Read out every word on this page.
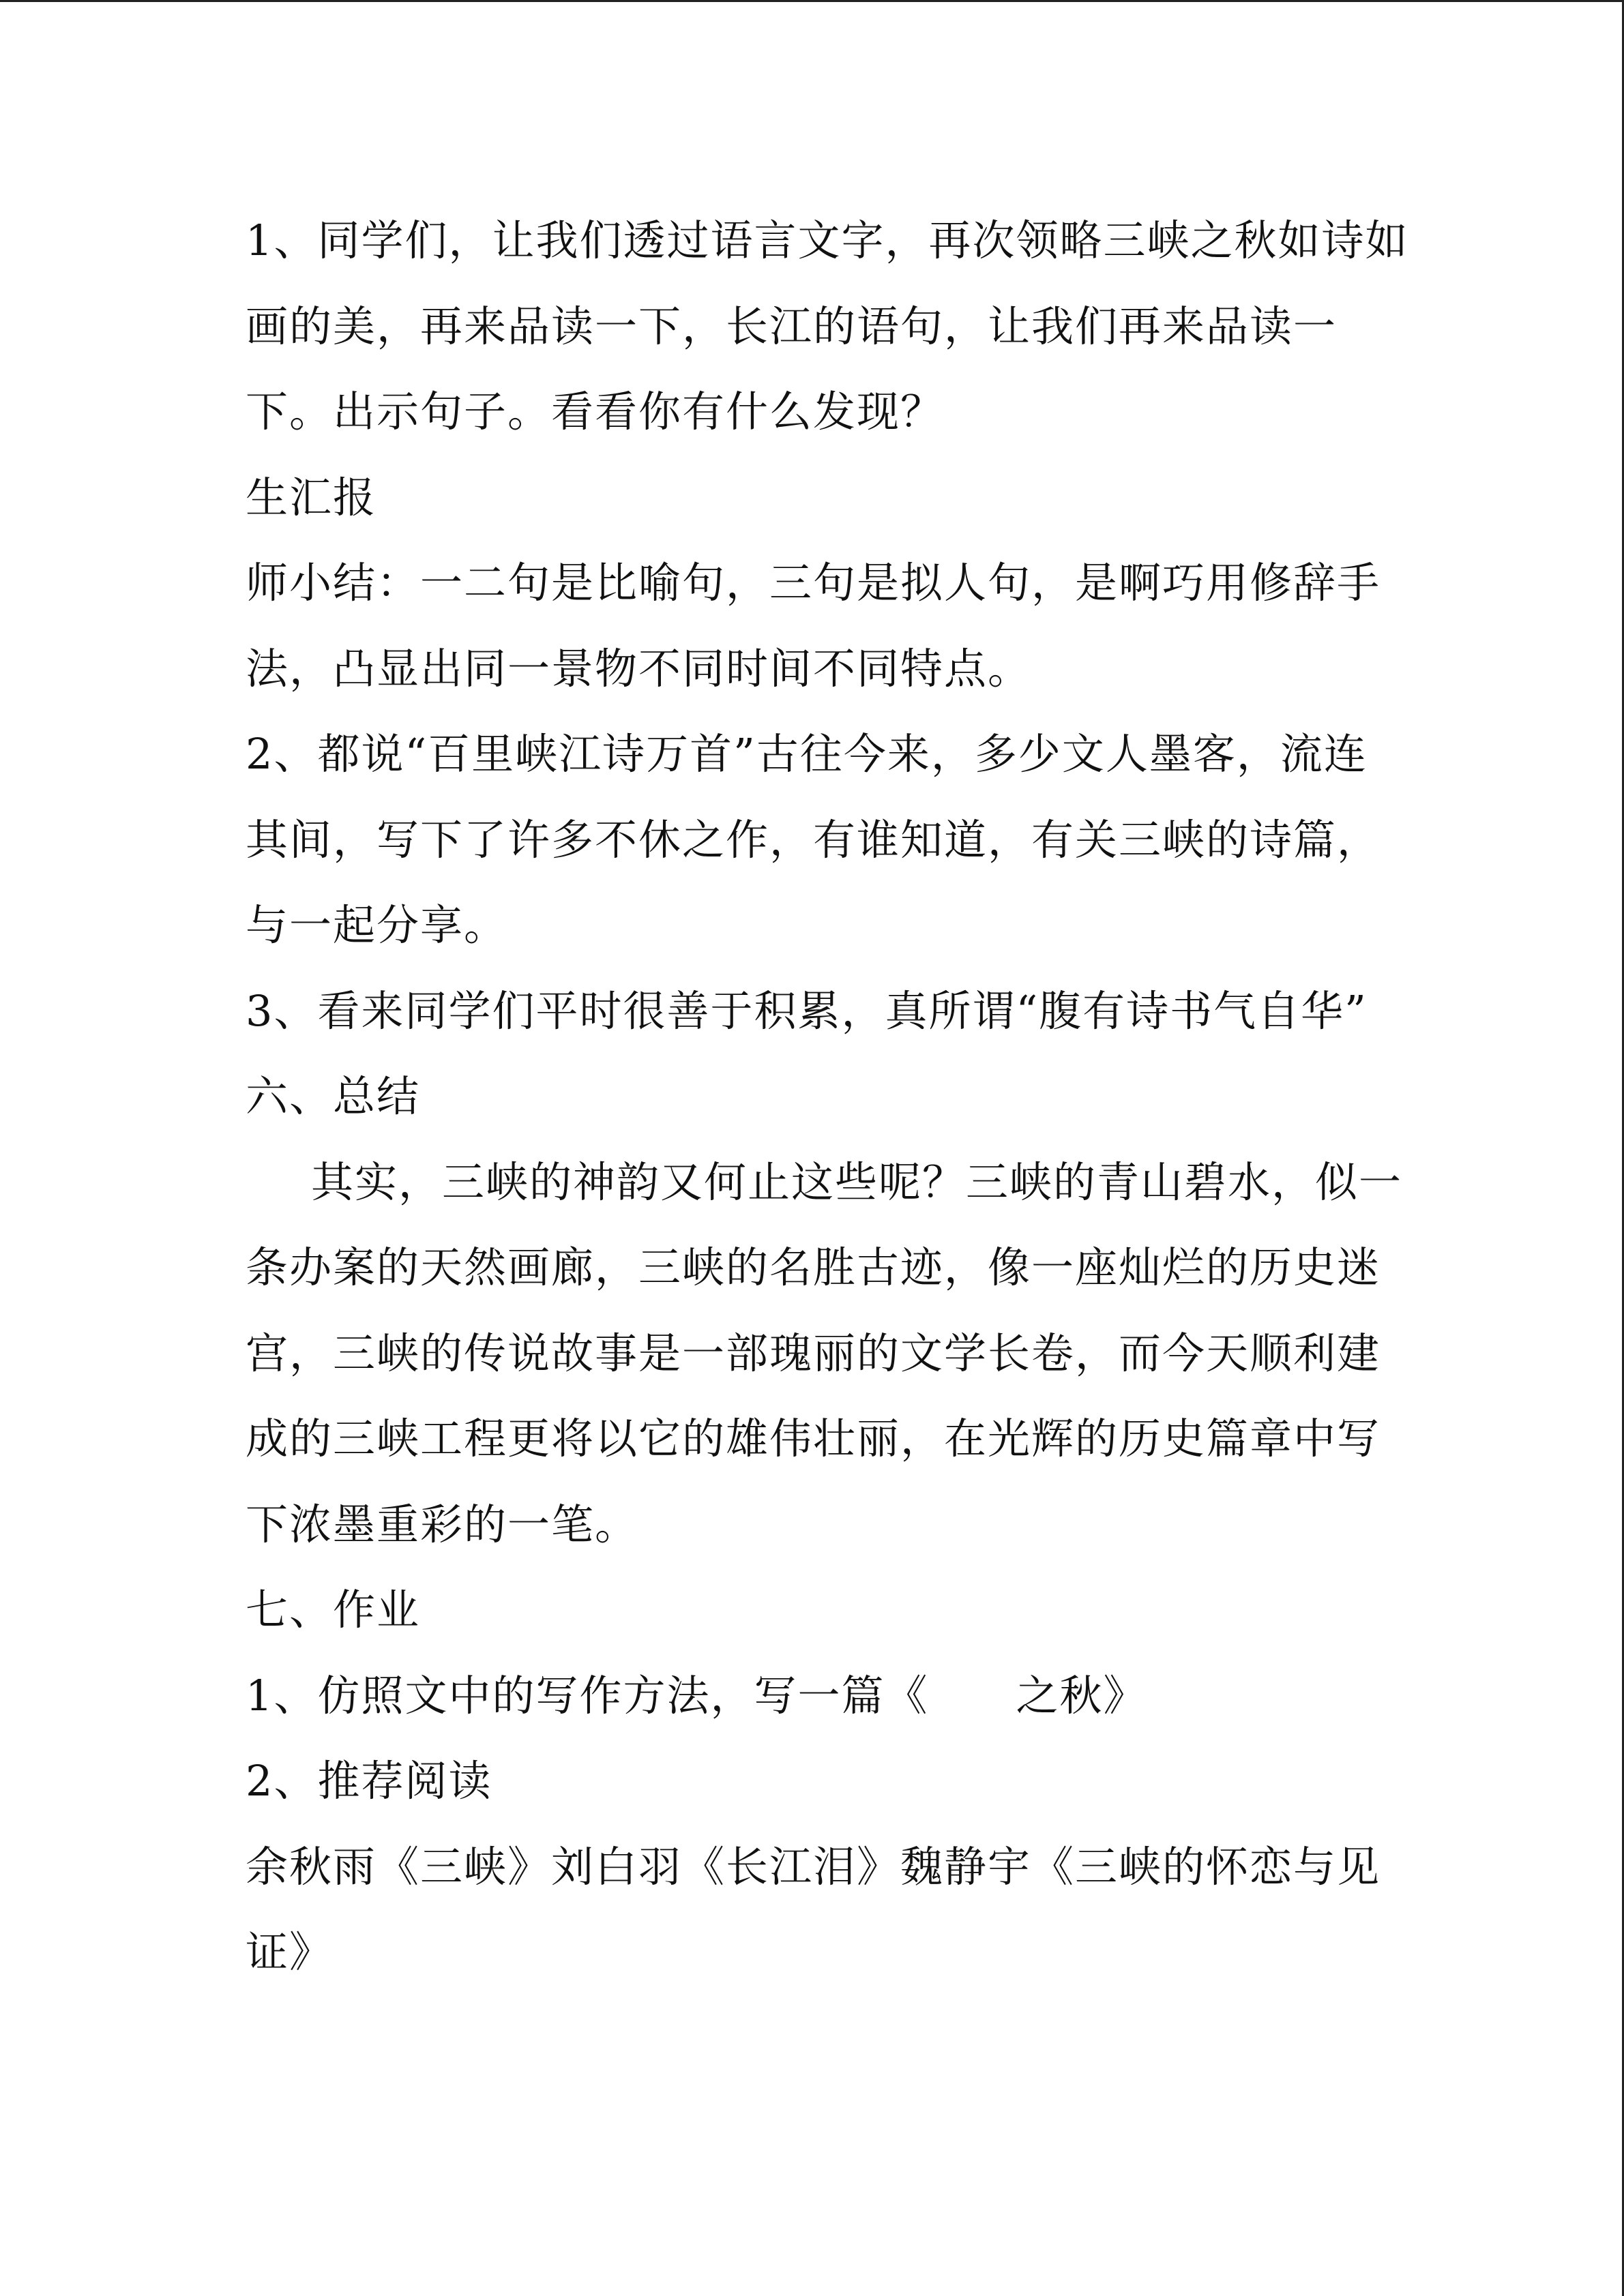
1、同学们，让我们透过语言文字，再次领略三峡之秋如诗如
画的美，再来品读一下，长江的语句，让我们再来品读一
下。出示句子。看看你有什么发现？
生汇报
师小结：一二句是比喻句，三句是拟人句，是啊巧用修辞手
法，凸显出同一景物不同时间不同特点。
2、都说“百里峡江诗万首”古往今来，多少文人墨客，流连
其间，写下了许多不休之作，有谁知道，有关三峡的诗篇，
与一起分享。
3、看来同学们平时很善于积累，真所谓“腹有诗书气自华”
六、总结
其实，三峡的神韵又何止这些呢？三峡的青山碧水，似一
条办案的天然画廊，三峡的名胜古迹，像一座灿烂的历史迷
宫，三峡的传说故事是一部瑰丽的文学长卷，而今天顺利建
成的三峡工程更将以它的雄伟壮丽，在光辉的历史篇章中写
下浓墨重彩的一笔。
七、作业
1、仿照文中的写作方法，写一篇《　　之秋》
2、推荐阅读
余秋雨《三峡》刘白羽《长江泪》魏静宇《三峡的怀恋与见
证》
